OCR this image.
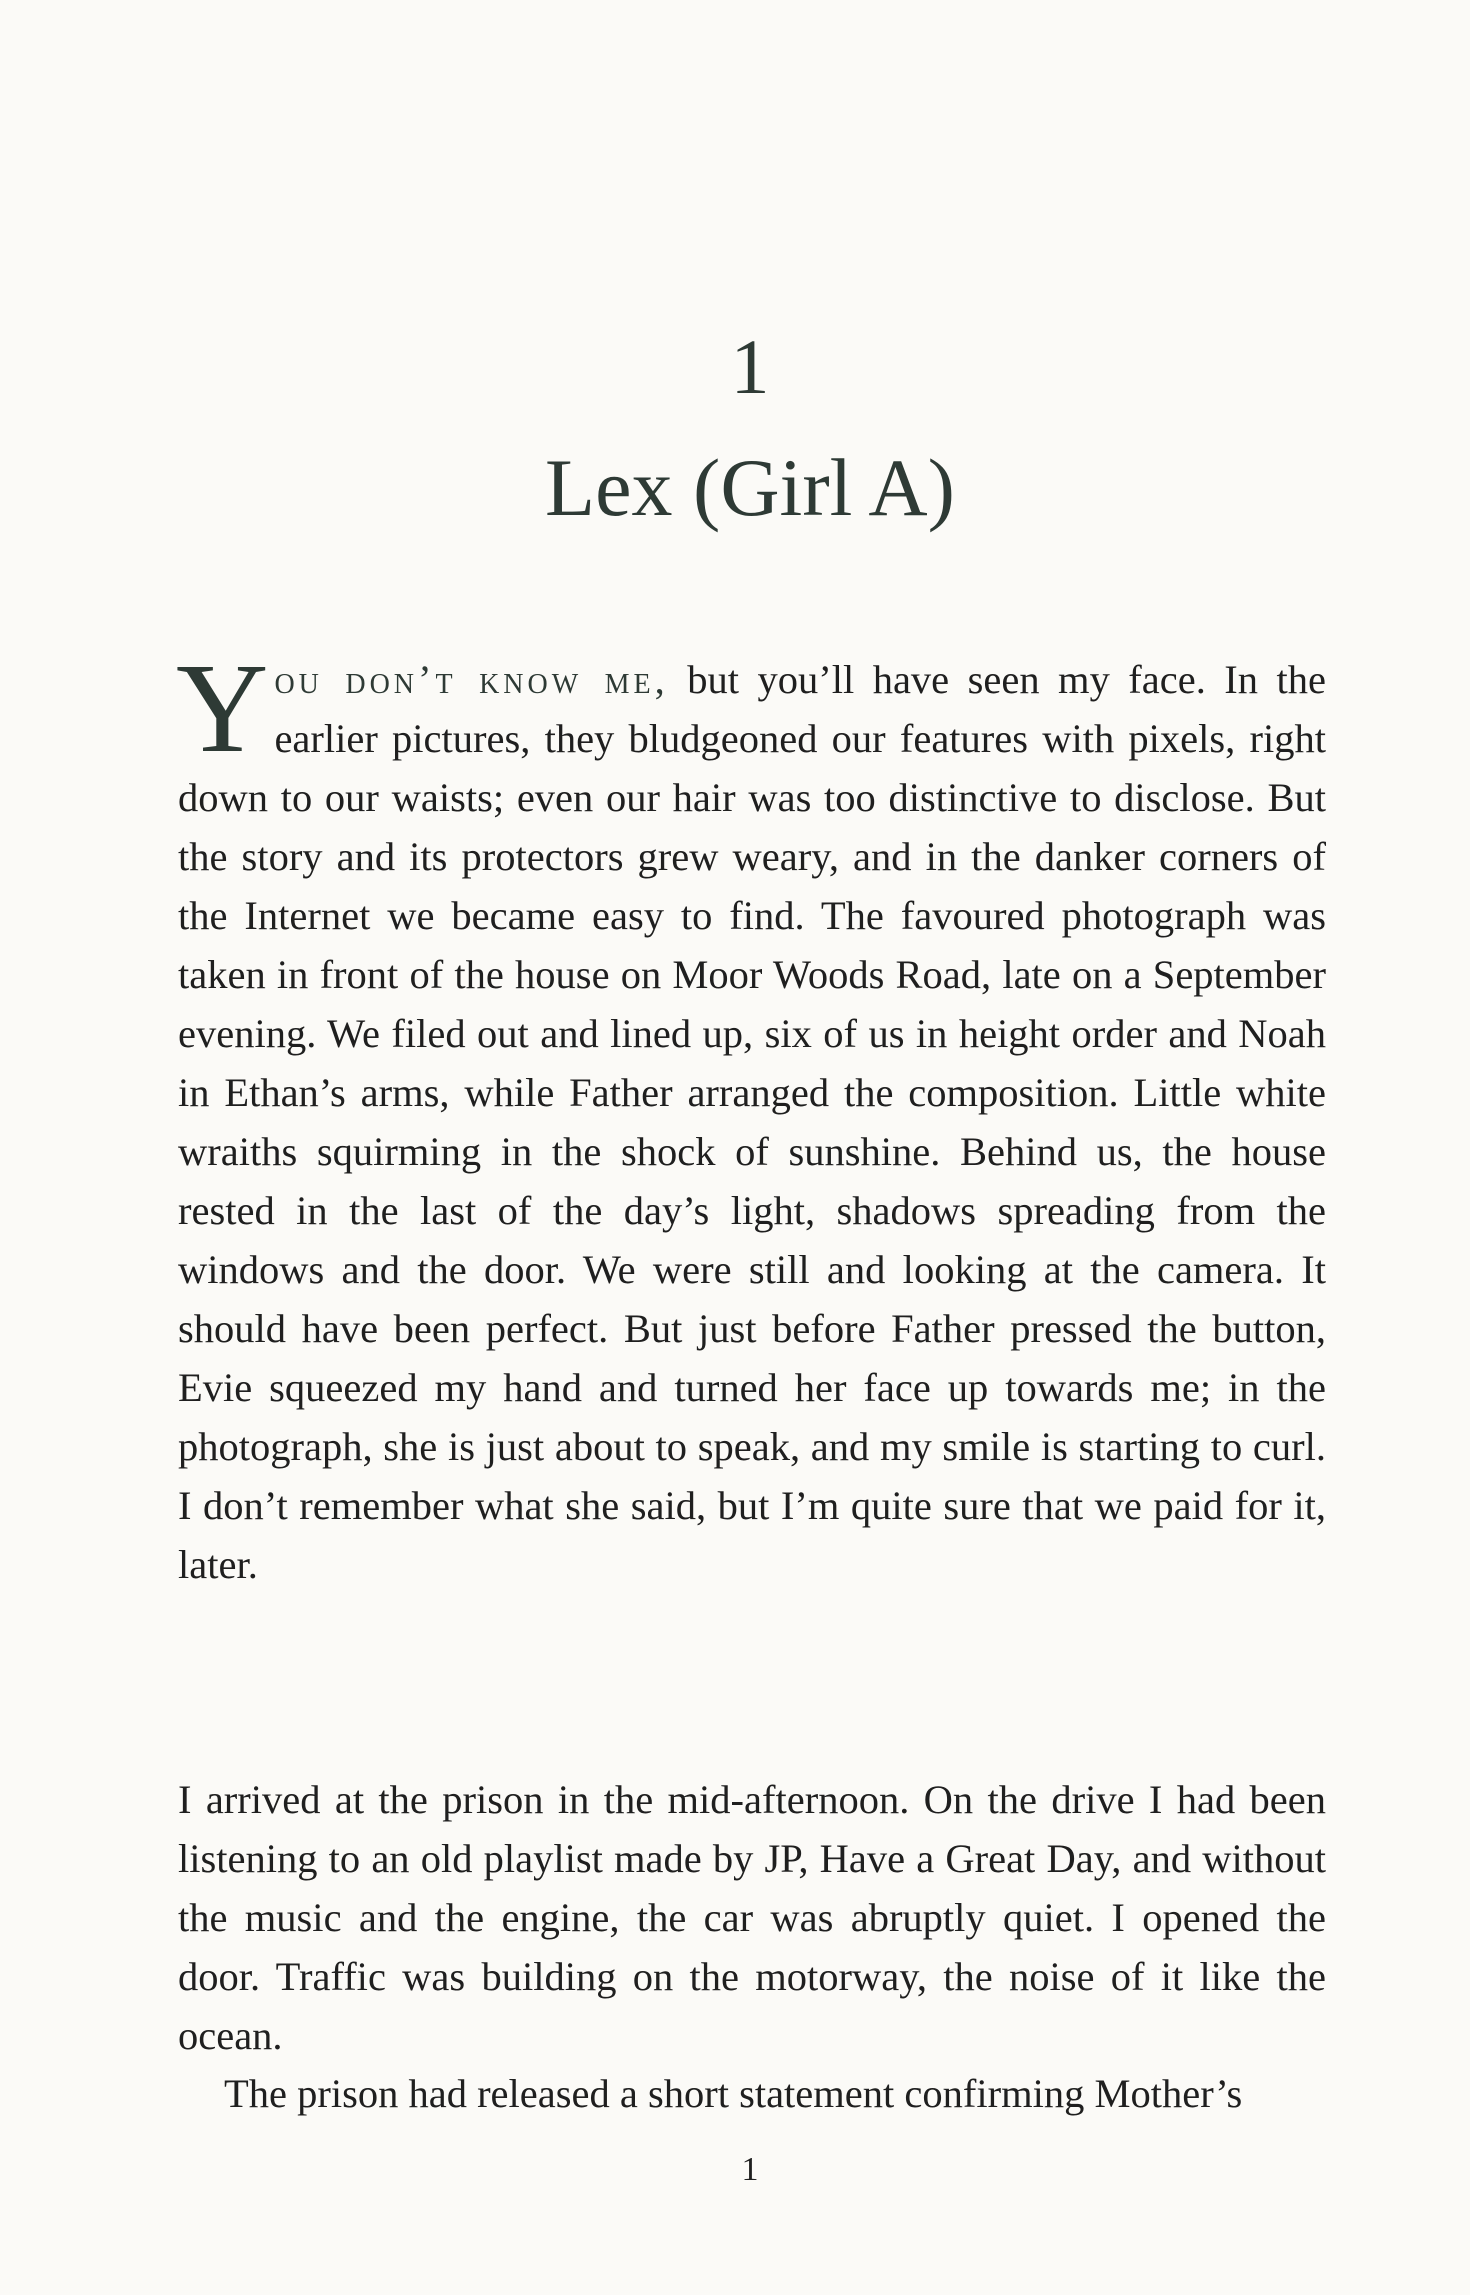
1
Lex (Girl A)

You don’t know me, but you’ll have seen my face. In the earlier pictures, they bludgeoned our features with pixels, right down to our waists; even our hair was too distinctive to disclose. But the story and its protectors grew weary, and in the danker corners of the Internet we became easy to find. The favoured photograph was taken in front of the house on Moor Woods Road, late on a September evening. We filed out and lined up, six of us in height order and Noah in Ethan’s arms, while Father arranged the composition. Little white wraiths squirming in the shock of sunshine. Behind us, the house rested in the last of the day’s light, shadows spreading from the windows and the door. We were still and looking at the camera. It should have been perfect. But just before Father pressed the button, Evie squeezed my hand and turned her face up towards me; in the photograph, she is just about to speak, and my smile is starting to curl. I don’t remember what she said, but I’m quite sure that we paid for it, later.

I arrived at the prison in the mid-afternoon. On the drive I had been listening to an old playlist made by JP, Have a Great Day, and without the music and the engine, the car was abruptly quiet. I opened the door. Traffic was building on the motorway, the noise of it like the ocean.

The prison had released a short statement confirming Mother’s

1
